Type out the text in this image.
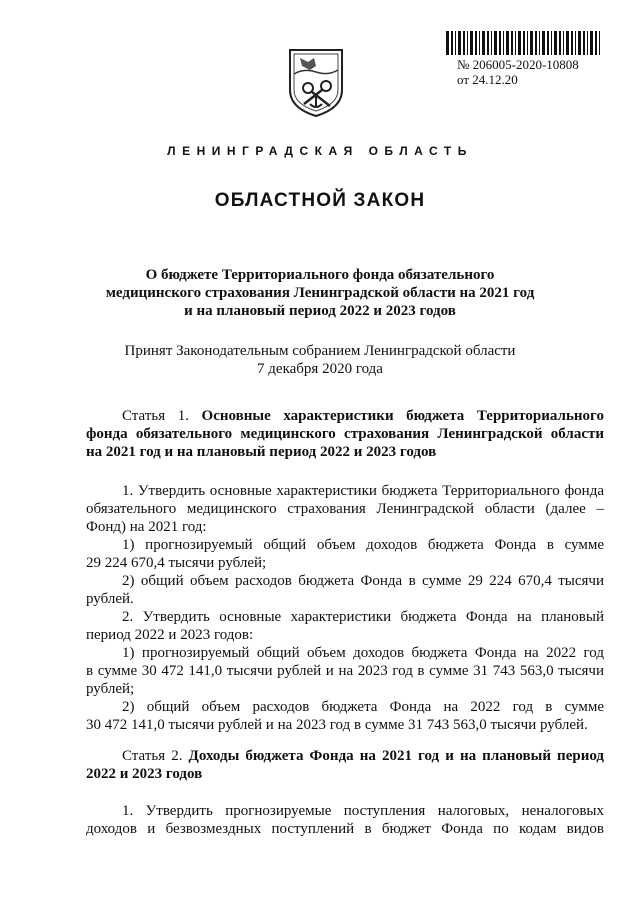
№ 206005-2020-10808
от 24.12.20
ЛЕНИНГРАДСКАЯ ОБЛАСТЬ
ОБЛАСТНОЙ ЗАКОН
О бюджете Территориального фонда обязательного
медицинского страхования Ленинградской области на 2021 год
и на плановый период 2022 и 2023 годов
Принят Законодательным собранием Ленинградской области
7 декабря 2020 года
Статья 1. Основные характеристики бюджета Территориального
фонда обязательного медицинского страхования Ленинградской области
на 2021 год и на плановый период 2022 и 2023 годов
1. Утвердить основные характеристики бюджета Территориального фонда
обязательного медицинского страхования Ленинградской области (далее –
Фонд) на 2021 год:
1) прогнозируемый общий объем доходов бюджета Фонда в сумме
29 224 670,4 тысячи рублей;
2) общий объем расходов бюджета Фонда в сумме 29 224 670,4 тысячи
рублей.
2. Утвердить основные характеристики бюджета Фонда на плановый
период 2022 и 2023 годов:
1) прогнозируемый общий объем доходов бюджета Фонда на 2022 год
в сумме 30 472 141,0 тысячи рублей и на 2023 год в сумме 31 743 563,0 тысячи
рублей;
2) общий объем расходов бюджета Фонда на 2022 год в сумме
30 472 141,0 тысячи рублей и на 2023 год в сумме 31 743 563,0 тысячи рублей.
Статья 2. Доходы бюджета Фонда на 2021 год и на плановый период
2022 и 2023 годов
1. Утвердить прогнозируемые поступления налоговых, неналоговых
доходов и безвозмездных поступлений в бюджет Фонда по кодам видов
